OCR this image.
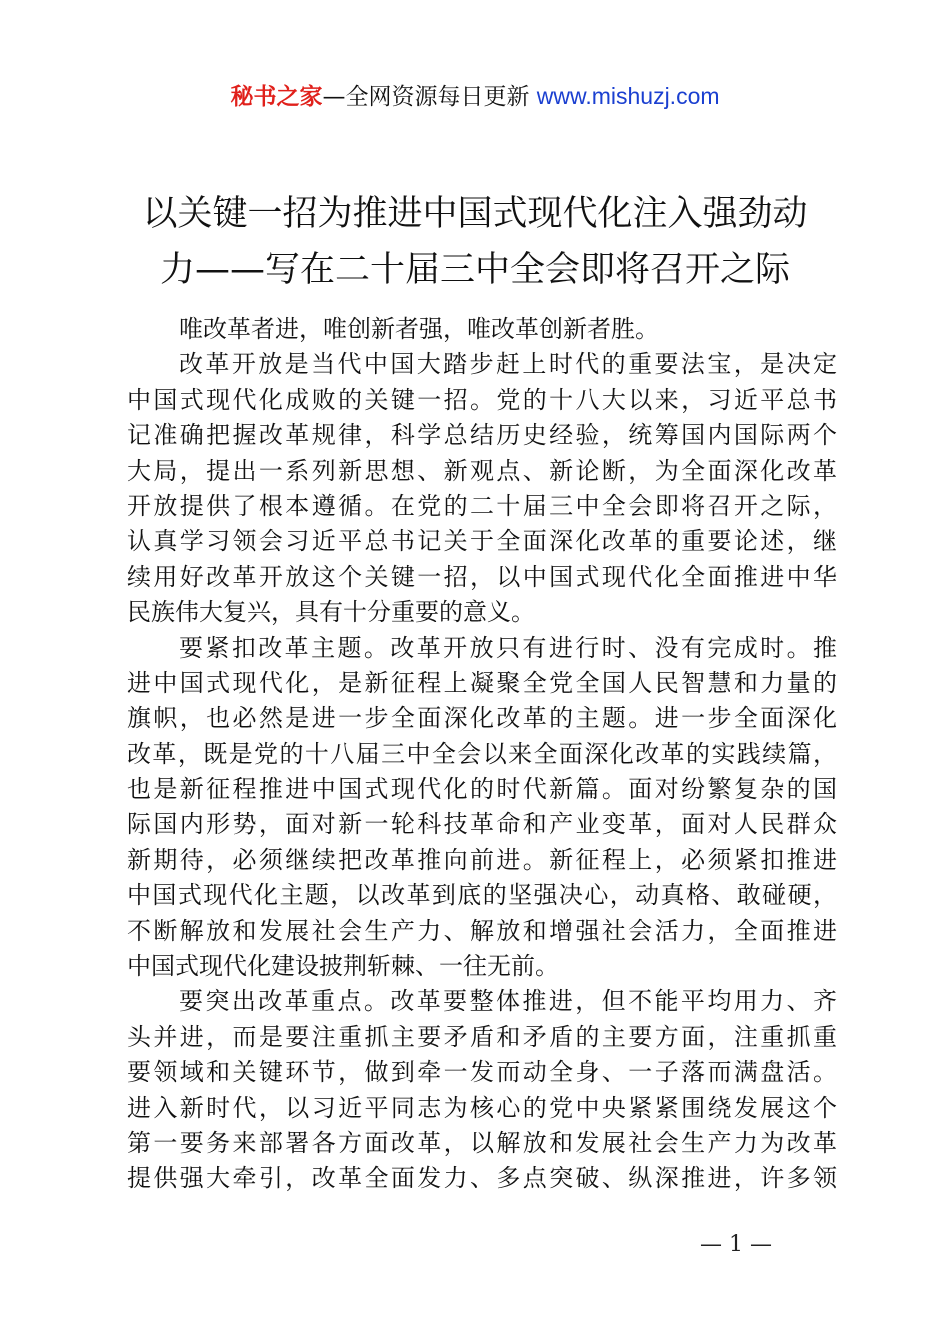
秘书之家—全网资源每日更新 www.mishuzj.com
以关键一招为推进中国式现代化注入强劲动
力——写在二十届三中全会即将召开之际
唯改革者进，唯创新者强，唯改革创新者胜。
改革开放是当代中国大踏步赶上时代的重要法宝，是决定
中国式现代化成败的关键一招。党的十八大以来，习近平总书
记准确把握改革规律，科学总结历史经验，统筹国内国际两个
大局，提出一系列新思想、新观点、新论断，为全面深化改革
开放提供了根本遵循。在党的二十届三中全会即将召开之际，
认真学习领会习近平总书记关于全面深化改革的重要论述，继
续用好改革开放这个关键一招，以中国式现代化全面推进中华
民族伟大复兴，具有十分重要的意义。
要紧扣改革主题。改革开放只有进行时、没有完成时。推
进中国式现代化，是新征程上凝聚全党全国人民智慧和力量的
旗帜，也必然是进一步全面深化改革的主题。进一步全面深化
改革，既是党的十八届三中全会以来全面深化改革的实践续篇，
也是新征程推进中国式现代化的时代新篇。面对纷繁复杂的国
际国内形势，面对新一轮科技革命和产业变革，面对人民群众
新期待，必须继续把改革推向前进。新征程上，必须紧扣推进
中国式现代化主题，以改革到底的坚强决心，动真格、敢碰硬，
不断解放和发展社会生产力、解放和增强社会活力，全面推进
中国式现代化建设披荆斩棘、一往无前。
要突出改革重点。改革要整体推进，但不能平均用力、齐
头并进，而是要注重抓主要矛盾和矛盾的主要方面，注重抓重
要领域和关键环节，做到牵一发而动全身、一子落而满盘活。
进入新时代，以习近平同志为核心的党中央紧紧围绕发展这个
第一要务来部署各方面改革，以解放和发展社会生产力为改革
提供强大牵引，改革全面发力、多点突破、纵深推进，许多领
— 1 —
